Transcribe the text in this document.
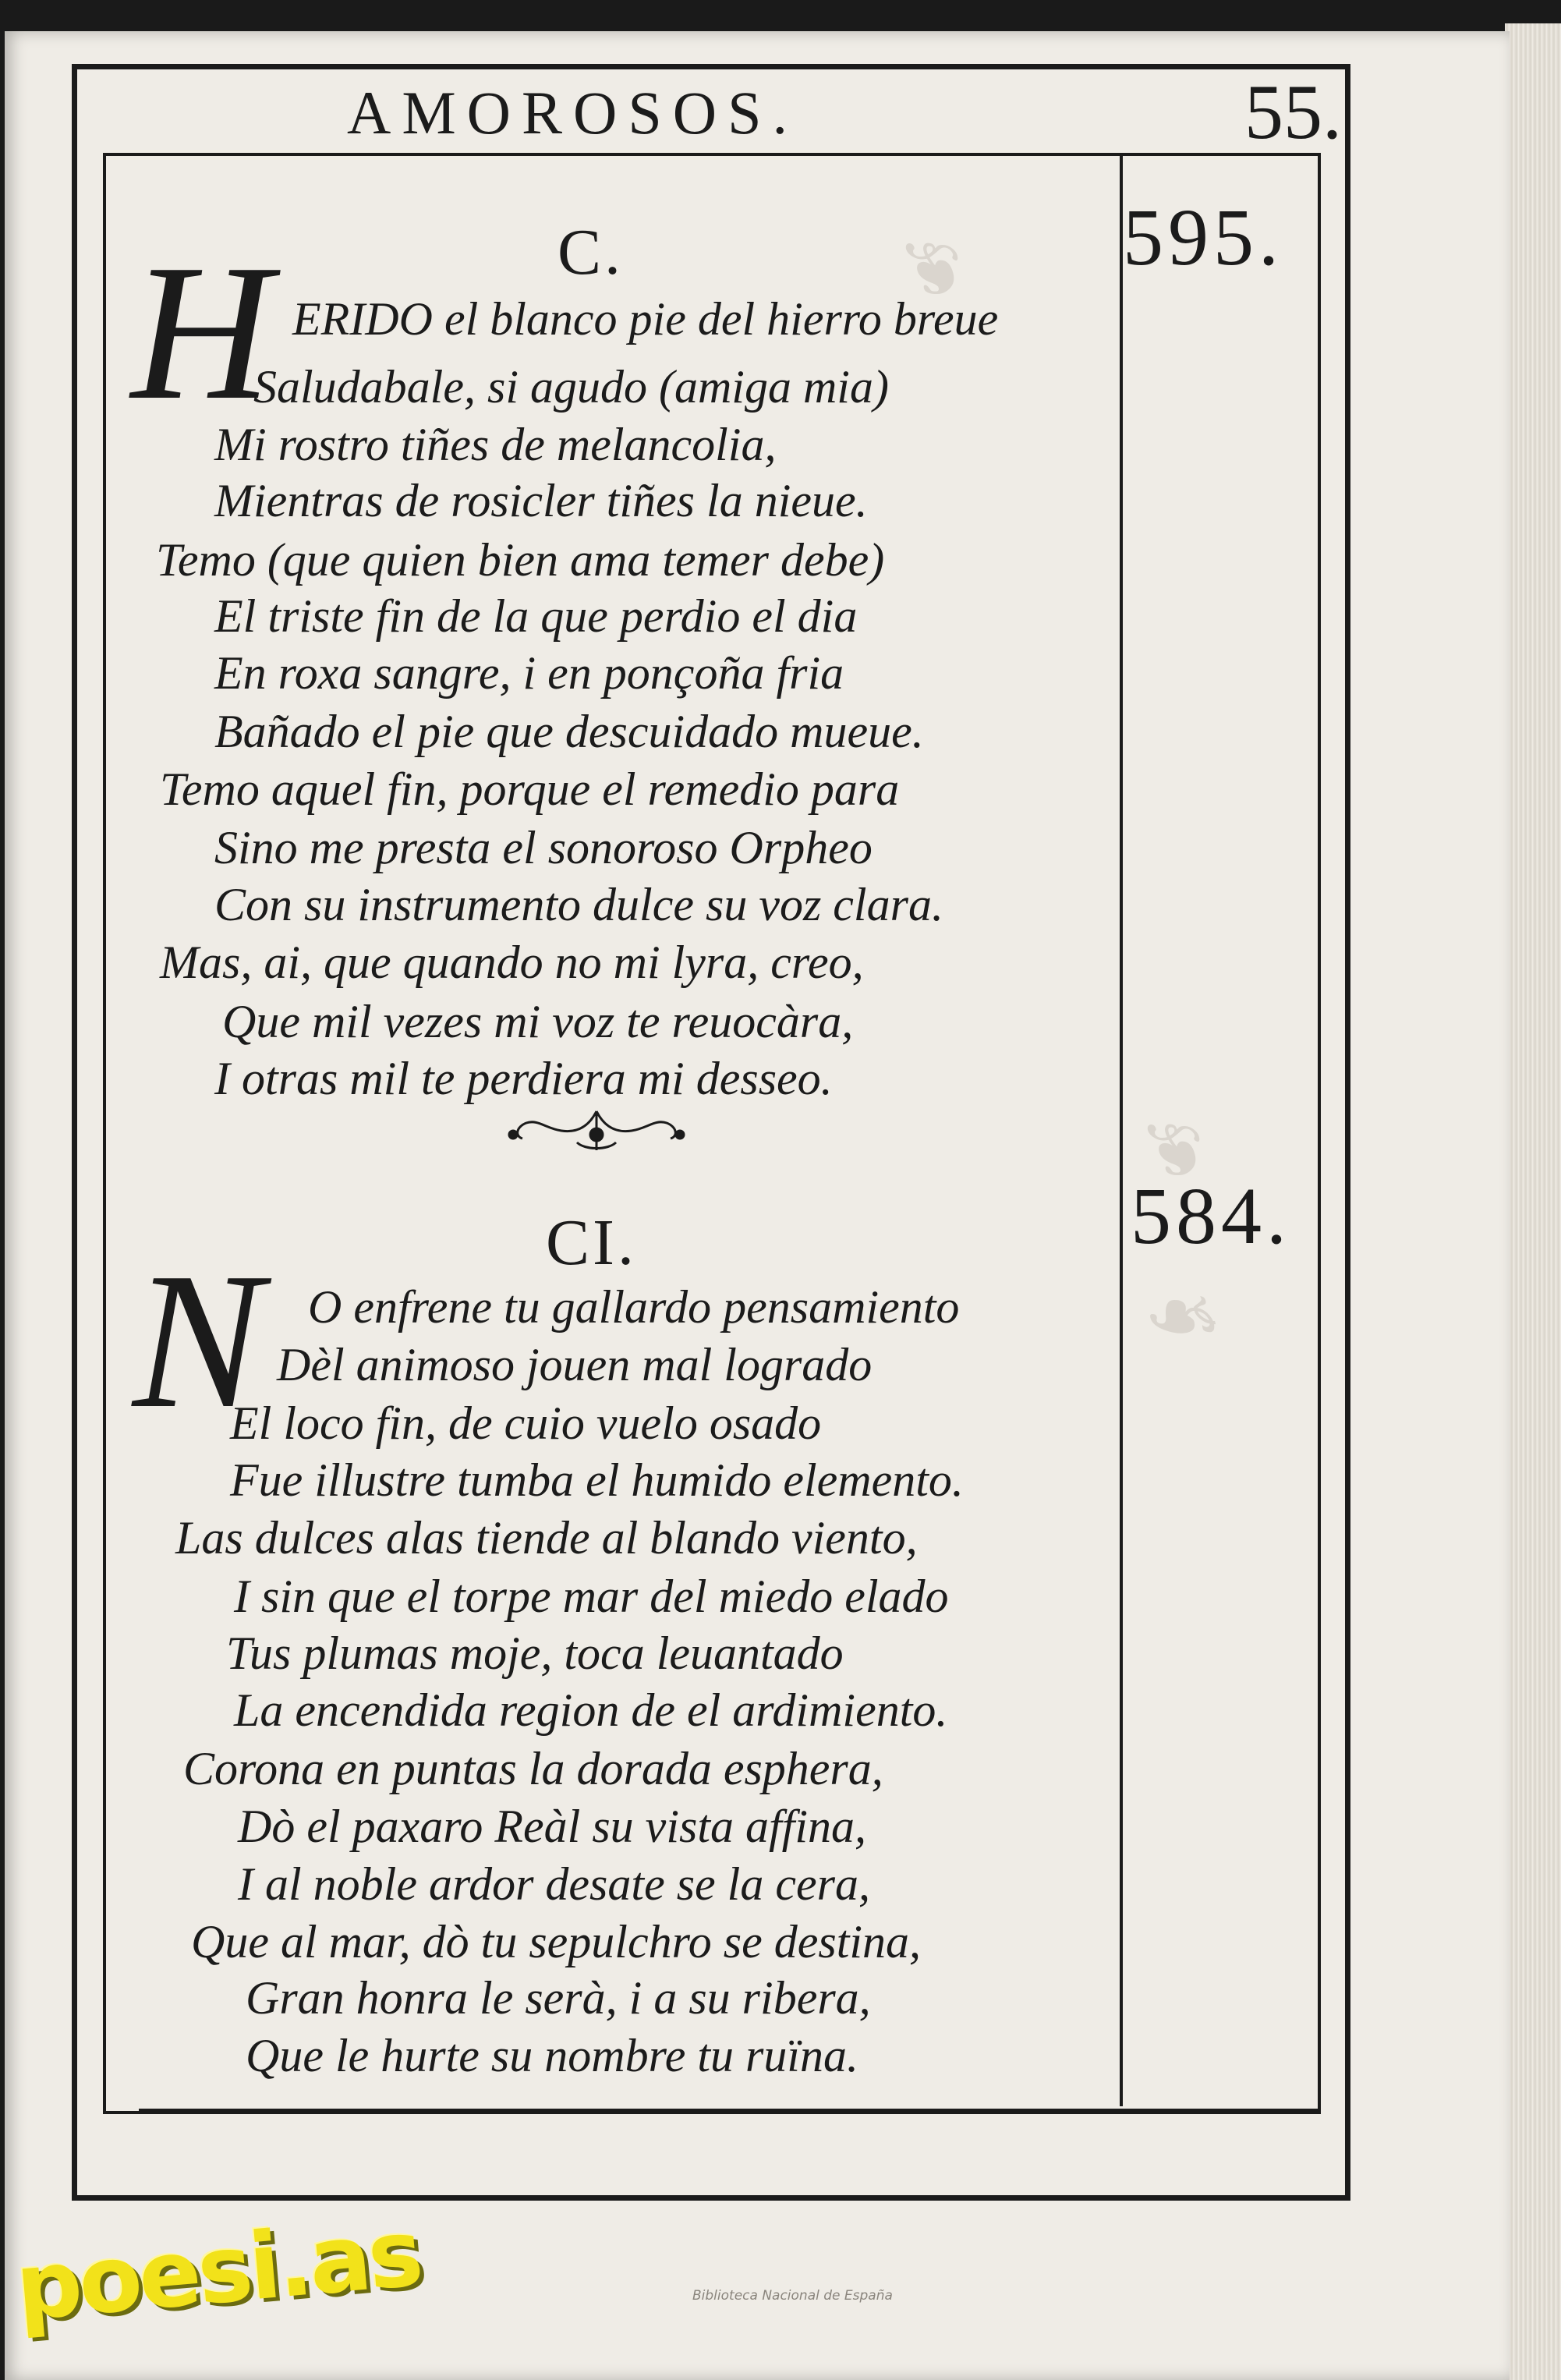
❦
❦
❧
AMOROSOS.	55.
C.	595.
H ERIDO el blanco pie del hierro breue
Saludabale, si agudo (amiga mia)
Mi rostro tiñes de melancolia,
Mientras de rosicler tiñes la nieue.
Temo (que quien bien ama temer debe)
El triste fin de la que perdio el dia
En roxa sangre, i en ponçoña fria
Bañado el pie que descuidado mueue.
Temo aquel fin, porque el remedio para
Sino me presta el sonoroso Orpheo
Con su instrumento dulce su voz clara.
Mas, ai, que quando no mi lyra, creo,
Que mil vezes mi voz te reuocàra,
I otras mil te perdiera mi desseo.
CI.	584.
N O enfrene tu gallardo pensamiento
Dèl animoso jouen mal logrado
El loco fin, de cuio vuelo osado
Fue illustre tumba el humido elemento.
Las dulces alas tiende al blando viento,
I sin que el torpe mar del miedo elado
Tus plumas moje, toca leuantado
La encendida region de el ardimiento.
Corona en puntas la dorada esphera,
Dò el paxaro Reàl su vista affina,
I al noble ardor desate se la cera,
Que al mar, dò tu sepulchro se destina,
Gran honra le serà, i a su ribera,
Que le hurte su nombre tu ruïna.
poesi.as	Biblioteca Nacional de España
